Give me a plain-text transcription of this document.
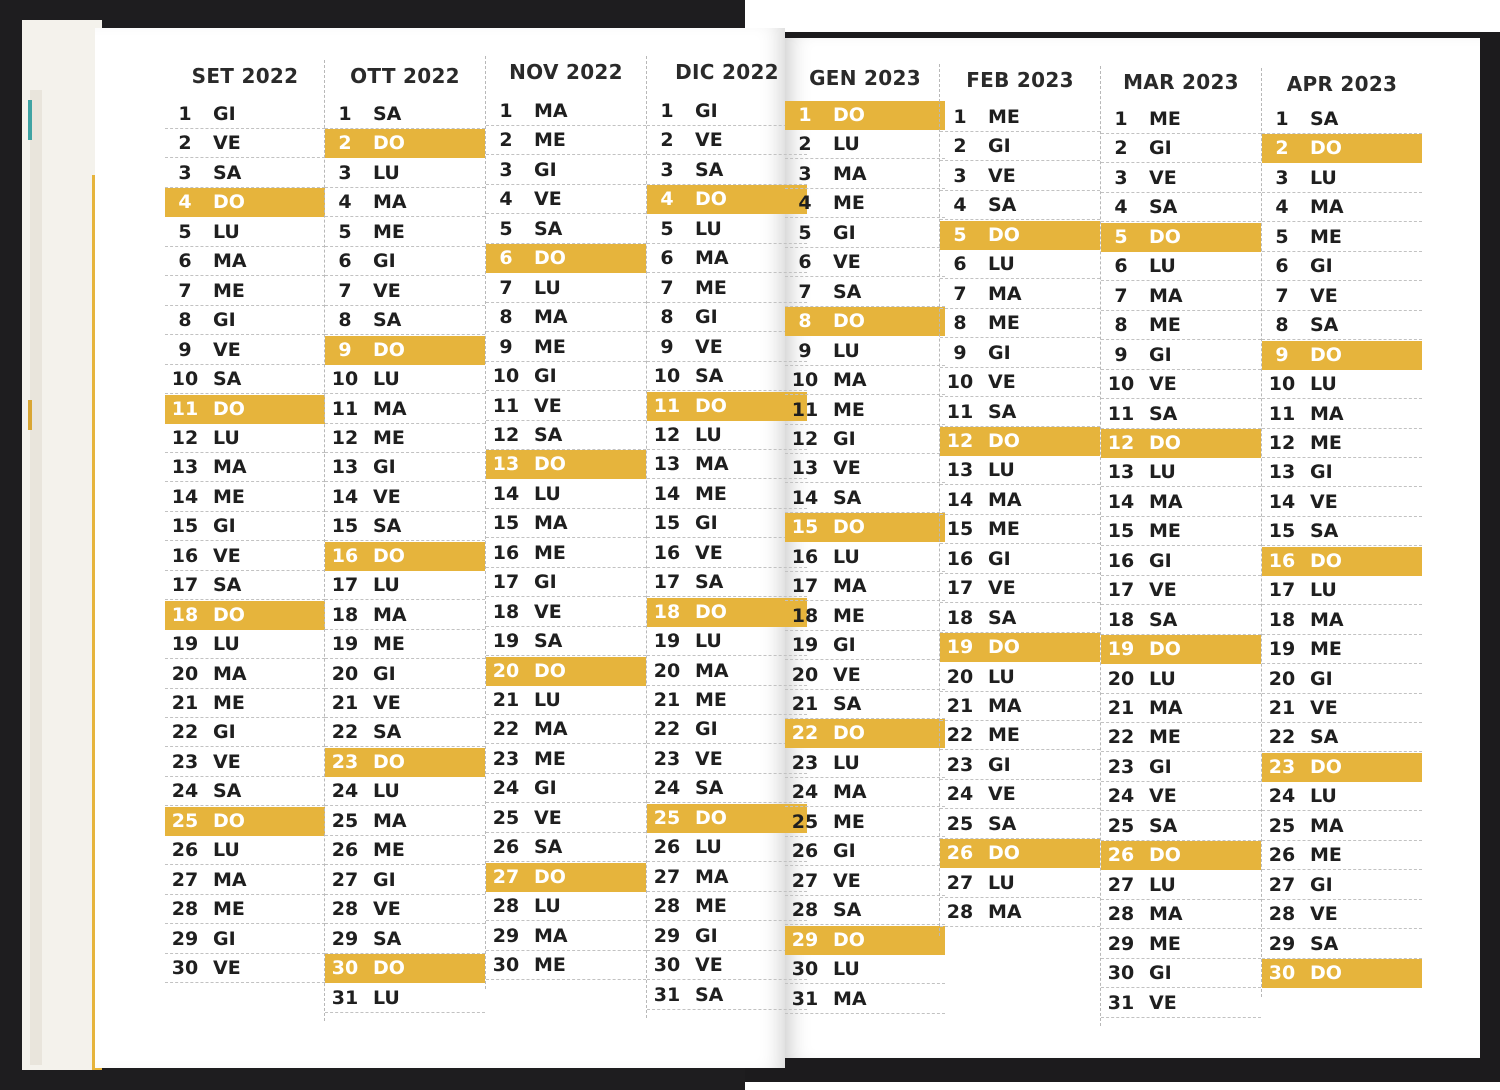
SET 2022
1	GI
2	VE
3	SA
4	DO
5	LU
6	MA
7	ME
8	GI
9	VE
10 SA
11 DO
12 LU
13 MA
14 ME
15 GI
16 VE
17 SA
18 DO
19 LU
20 MA
21 ME
22 GI
23 VE
24 SA
25 DO
26 LU
27 MA
28 ME
29 GI
30 VE
OTT 2022
1	SA
2	DO
3	LU
4	MA
5	ME
6	GI
7	VE
8	SA
9	DO
10 LU
11 MA
12 ME
13 GI
14 VE
15 SA
16 DO
17 LU
18 MA
19 ME
20 GI
21 VE
22 SA
23 DO
24 LU
25 MA
26 ME
27 GI
28 VE
29 SA
30 DO
31 LU
NOV 2022
1	MA
2	ME
3	GI
4	VE
5	SA
6	DO
7	LU
8	MA
9	ME
10 GI
11 VE
12 SA
13 DO
14 LU
15 MA
16 ME
17 GI
18 VE
19 SA
20 DO
21 LU
22 MA
23 ME
24 GI
25 VE
26 SA
27 DO
28 LU
29 MA
30 ME
DIC 2022
1	GI
2	VE
3	SA
4	DO
5	LU
6	MA
7	ME
8	GI
9	VE
10 SA
11 DO
12 LU
13 MA
14 ME
15 GI
16 VE
17 SA
18 DO
19 LU
20 MA
21 ME
22 GI
23 VE
24 SA
25 DO
26 LU
27 MA
28 ME
29 GI
30 VE
31 SA
GEN 2023
1	DO
2	LU
3	MA
4	ME
5	GI
6	VE
7	SA
8	DO
9	LU
10 MA
11 ME
12 GI
13 VE
14 SA
15 DO
16 LU
17 MA
18 ME
19 GI
20 VE
21 SA
22 DO
23 LU
24 MA
25 ME
26 GI
27 VE
28 SA
29 DO
30 LU
31 MA
FEB 2023
1	ME
2	GI
3	VE
4	SA
5	DO
6	LU
7	MA
8	ME
9	GI
10 VE
11 SA
12 DO
13 LU
14 MA
15 ME
16 GI
17 VE
18 SA
19 DO
20 LU
21 MA
22 ME
23 GI
24 VE
25 SA
26 DO
27 LU
28 MA
MAR 2023
1	ME
2	GI
3	VE
4	SA
5	DO
6	LU
7	MA
8	ME
9	GI
10 VE
11 SA
12 DO
13 LU
14 MA
15 ME
16 GI
17 VE
18 SA
19 DO
20 LU
21 MA
22 ME
23 GI
24 VE
25 SA
26 DO
27 LU
28 MA
29 ME
30 GI
31 VE
APR 2023
1	SA
2	DO
3	LU
4	MA
5	ME
6	GI
7	VE
8	SA
9	DO
10 LU
11 MA
12 ME
13 GI
14 VE
15 SA
16 DO
17 LU
18 MA
19 ME
20 GI
21 VE
22 SA
23 DO
24 LU
25 MA
26 ME
27 GI
28 VE
29 SA
30 DO
